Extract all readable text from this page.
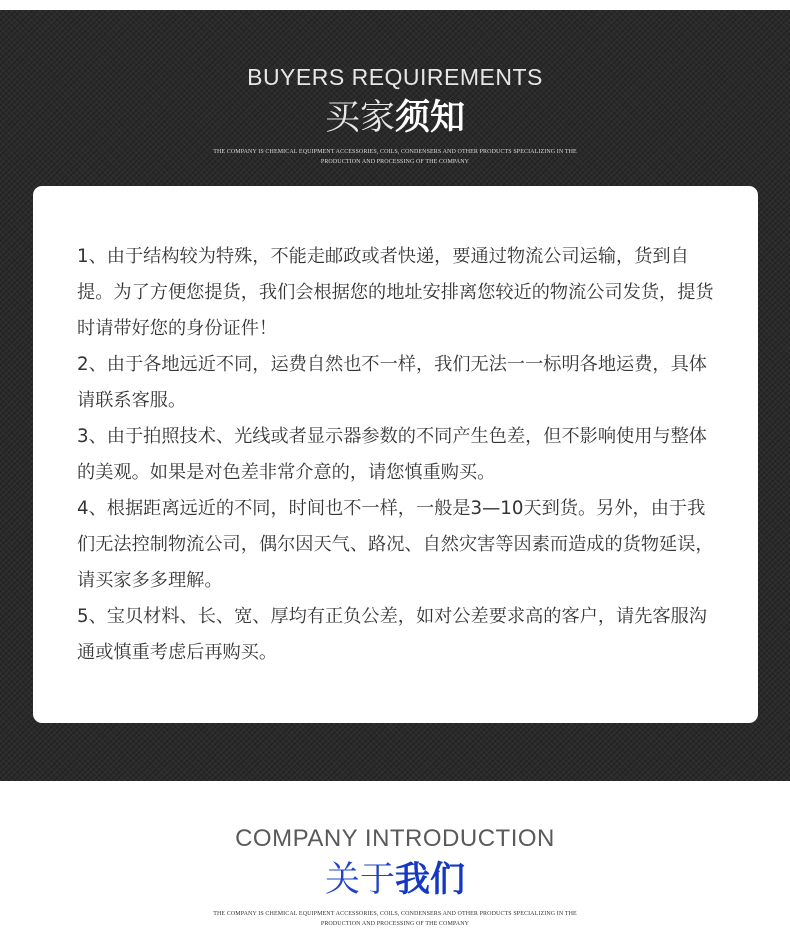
BUYERS REQUIREMENTS
买家须知
THE COMPANY IS CHEMICAL EQUIPMENT ACCESSORIES, COILS, CONDENSERS AND OTHER PRODUCTS SPECIALIZING IN THE
PRODUCTION AND PROCESSING OF THE COMPANY
1、由于结构较为特殊，不能走邮政或者快递，要通过物流公司运输，货到自提。为了方便您提货，我们会根据您的地址安排离您较近的物流公司发货，提货时请带好您的身份证件！
2、由于各地远近不同，运费自然也不一样，我们无法一一标明各地运费，具体请联系客服。
3、由于拍照技术、光线或者显示器参数的不同产生色差，但不影响使用与整体的美观。如果是对色差非常介意的，请您慎重购买。
4、根据距离远近的不同，时间也不一样，一般是3—10天到货。另外，由于我们无法控制物流公司，偶尔因天气、路况、自然灾害等因素而造成的货物延误，请买家多多理解。
5、宝贝材料、长、宽、厚均有正负公差，如对公差要求高的客户，请先客服沟通或慎重考虑后再购买。
COMPANY INTRODUCTION
关于我们
THE COMPANY IS CHEMICAL EQUIPMENT ACCESSORIES, COILS, CONDENSERS AND OTHER PRODUCTS SPECIALIZING IN THE
PRODUCTION AND PROCESSING OF THE COMPANY
